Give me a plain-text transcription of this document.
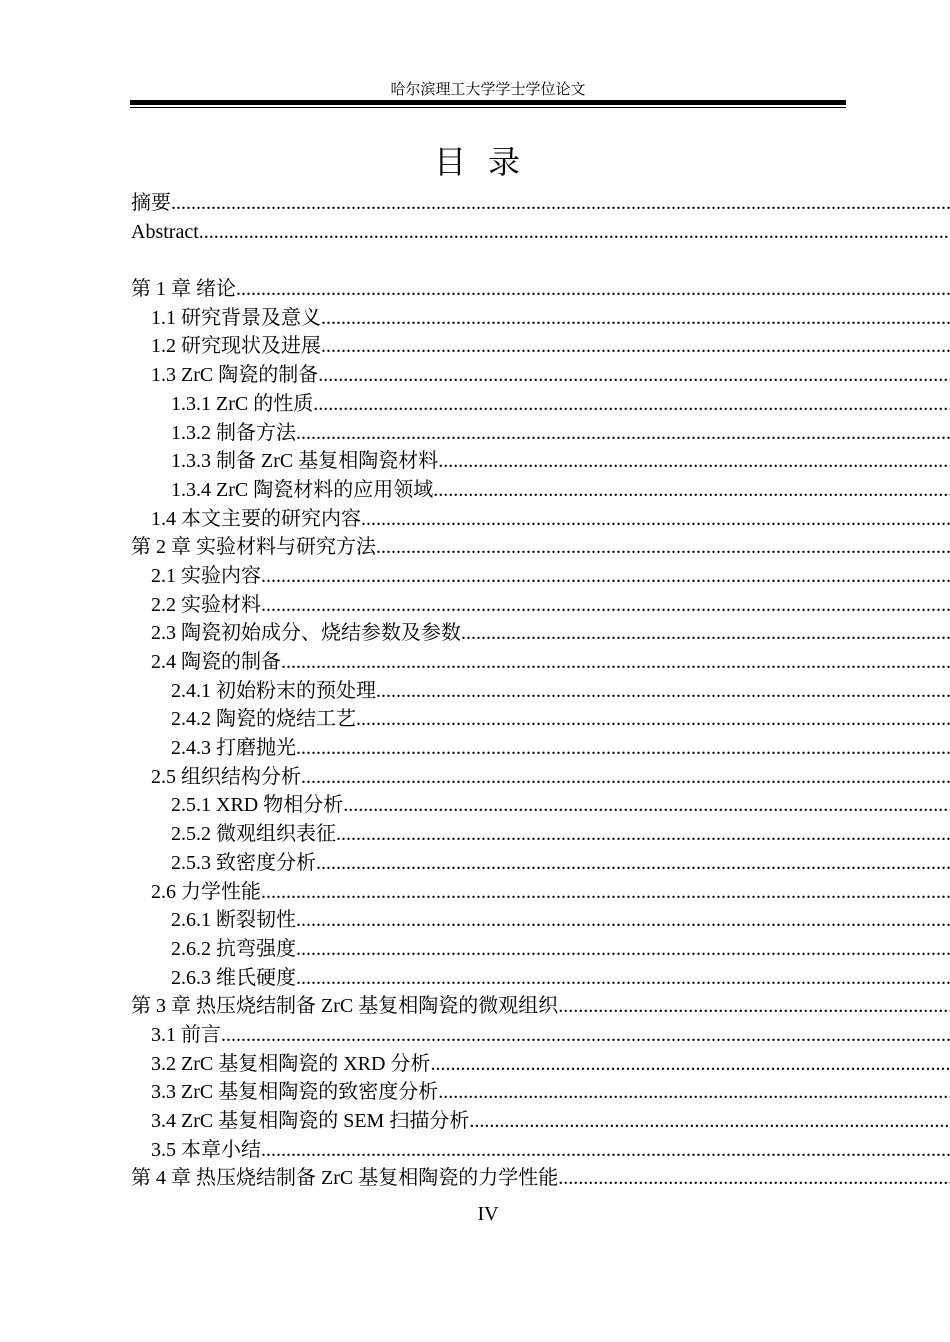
哈尔滨理工大学学士学位论文
目录
摘要
.....
Abstract
.....
第 1 章 绪论
.....
1.1 研究背景及意义
.....
1.2 研究现状及进展
.....
1.3 ZrC 陶瓷的制备
.....
1.3.1 ZrC 的性质
.....
1.3.2 制备方法
.....
1.3.3 制备 ZrC 基复相陶瓷材料
.....
1.3.4 ZrC 陶瓷材料的应用领域
.....
1.4 本文主要的研究内容
.....
第 2 章 实验材料与研究方法
.....
2.1 实验内容
.....
2.2 实验材料
.....
2.3 陶瓷初始成分、烧结参数及参数
.....
2.4 陶瓷的制备
.....
2.4.1 初始粉末的预处理
.....
2.4.2 陶瓷的烧结工艺
.....
2.4.3 打磨抛光
.....
2.5 组织结构分析
.....
2.5.1 XRD 物相分析
.....
2.5.2 微观组织表征
.....
2.5.3 致密度分析
.....
2.6 力学性能
.....
2.6.1 断裂韧性
.....
2.6.2 抗弯强度
.....
2.6.3 维氏硬度
.....
第 3 章 热压烧结制备 ZrC 基复相陶瓷的微观组织
.....
3.1 前言
.....
3.2 ZrC 基复相陶瓷的 XRD 分析
.....
3.3 ZrC 基复相陶瓷的致密度分析
.....
3.4 ZrC 基复相陶瓷的 SEM 扫描分析
.....
3.5 本章小结
.....
第 4 章 热压烧结制备 ZrC 基复相陶瓷的力学性能
.....
IV
